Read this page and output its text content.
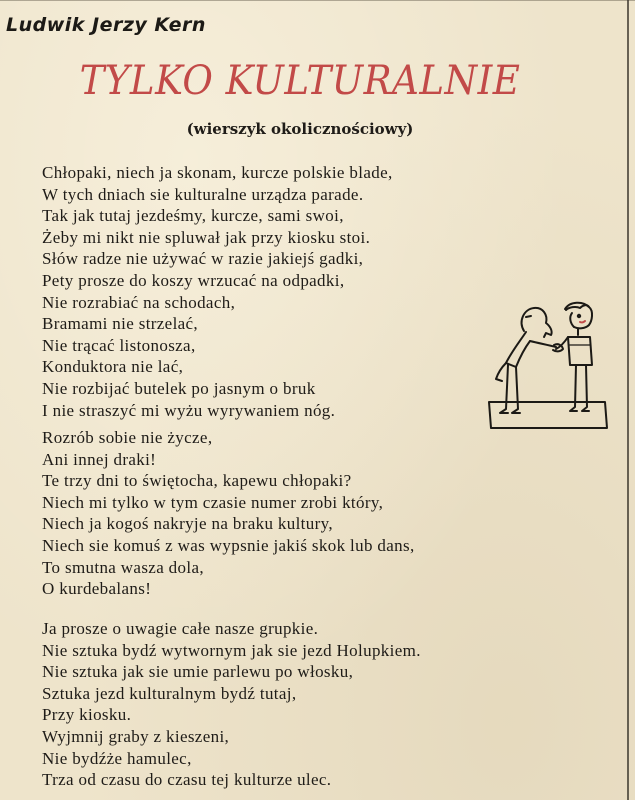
Ludwik Jerzy Kern
TYLKO KULTURALNIE
(wierszyk okolicznościowy)
Chłopaki, niech ja skonam, kurcze polskie blade,
W tych dniach sie kulturalne urządza parade.
Tak jak tutaj jezdeśmy, kurcze, sami swoi,
Żeby mi nikt nie spluwał jak przy kiosku stoi.
Słów radze nie używać w razie jakiejś gadki,
Pety prosze do koszy wrzucać na odpadki,
Nie rozrabiać na schodach,
Bramami nie strzelać,
Nie trącać listonosza,
Konduktora nie lać,
Nie rozbijać butelek po jasnym o bruk
I nie straszyć mi wyżu wyrywaniem nóg.
Rozrób sobie nie życze,
Ani innej draki!
Te trzy dni to świętocha, kapewu chłopaki?
Niech mi tylko w tym czasie numer zrobi który,
Niech ja kogoś nakryje na braku kultury,
Niech sie komuś z was wypsnie jakiś skok lub dans,
To smutna wasza dola,
O kurdebalans!
Ja prosze o uwagie całe nasze grupkie.
Nie sztuka bydź wytwornym jak sie jezd Holupkiem.
Nie sztuka jak sie umie parlewu po włosku,
Sztuka jezd kulturalnym bydź tutaj,
Przy kiosku.
Wyjmnij graby z kieszeni,
Nie bydźże hamulec,
Trza od czasu do czasu tej kulturze ulec.
